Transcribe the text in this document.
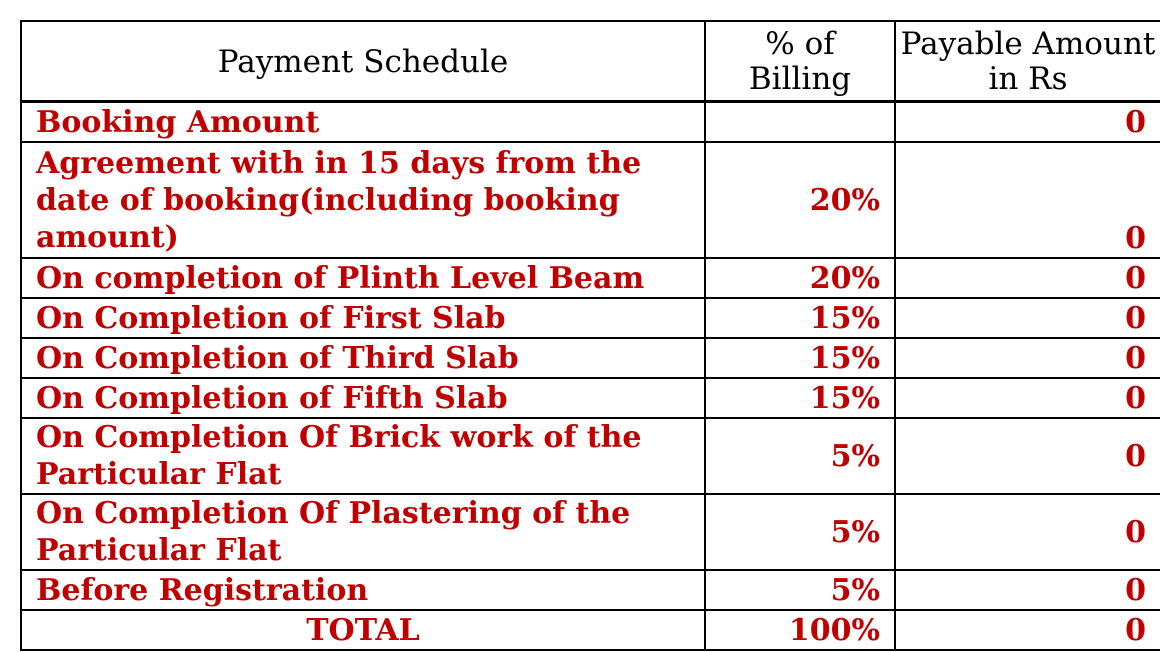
Payment Schedule	% of Billing	Payable Amount in Rs
Booking Amount		0
Agreement with in 15 days from the date of booking(including booking amount)	20%	0
On completion of Plinth Level Beam	20%	0
On Completion of First Slab	15%	0
On Completion of Third Slab	15%	0
On Completion of Fifth Slab	15%	0
On Completion Of Brick work of the Particular Flat	5%	0
On Completion Of Plastering of the Particular Flat	5%	0
Before Registration	5%	0
TOTAL	100%	0
